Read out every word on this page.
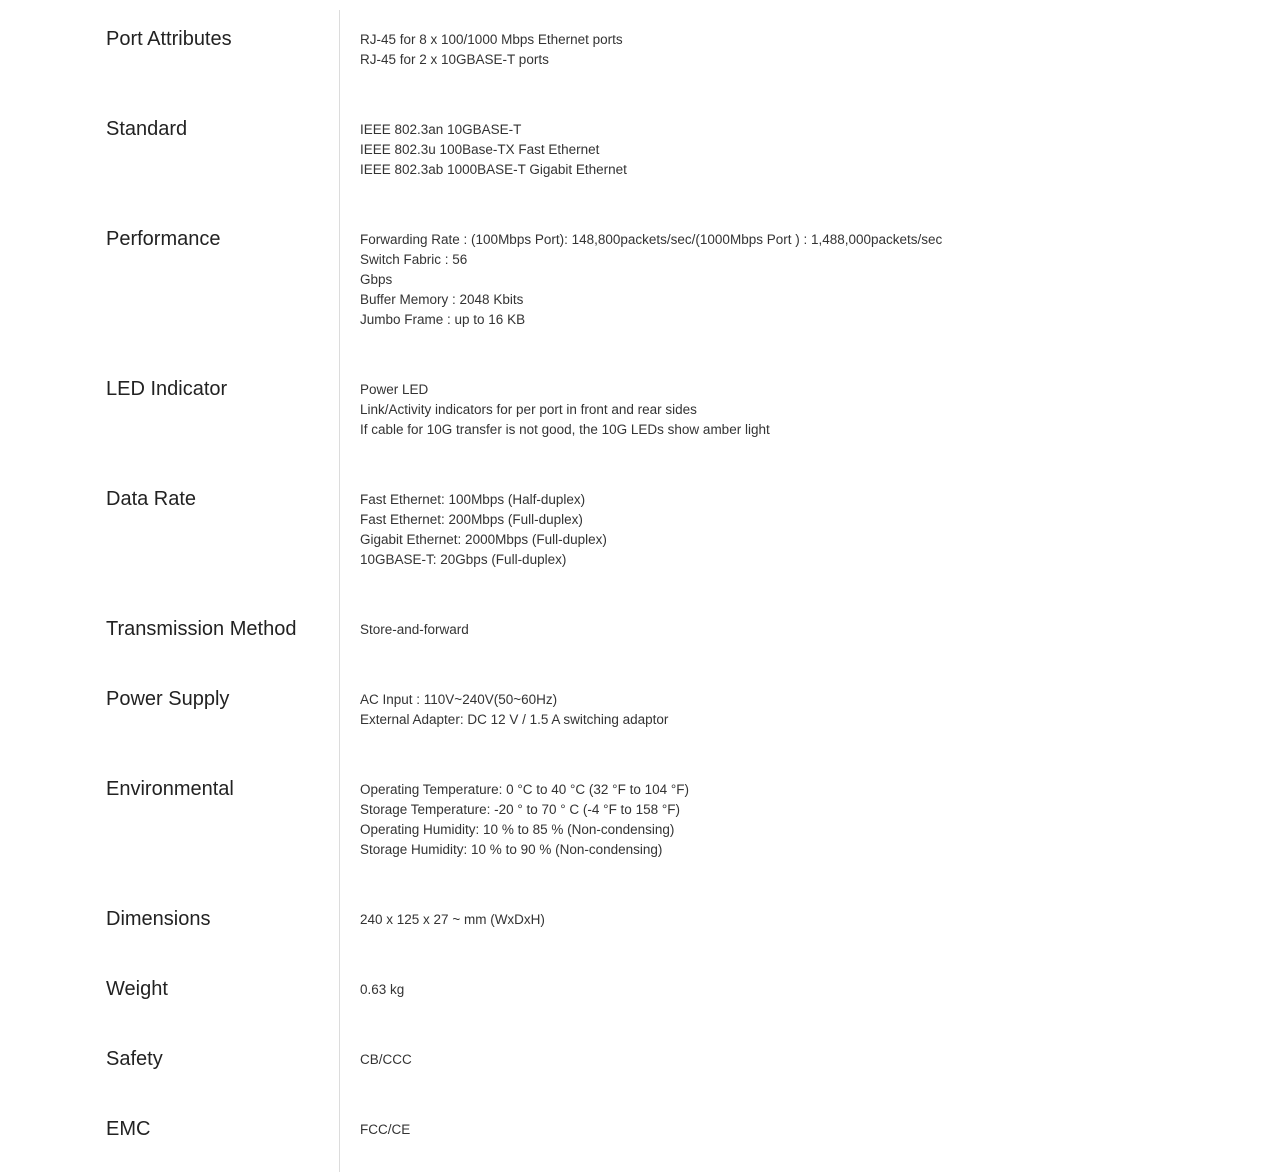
Port Attributes	RJ-45 for 8 x 100/1000 Mbps Ethernet ports
RJ-45 for 2 x 10GBASE-T ports
Standard	IEEE 802.3an 10GBASE-T
IEEE 802.3u 100Base-TX Fast Ethernet
IEEE 802.3ab 1000BASE-T Gigabit Ethernet
Performance	Forwarding Rate : (100Mbps Port): 148,800packets/sec/(1000Mbps Port ) : 1,488,000packets/sec
Switch Fabric : 56
Gbps
Buffer Memory : 2048 Kbits
Jumbo Frame : up to 16 KB
LED Indicator	Power LED
Link/Activity indicators for per port in front and rear sides
If cable for 10G transfer is not good, the 10G LEDs show amber light
Data Rate	Fast Ethernet: 100Mbps (Half-duplex)
Fast Ethernet: 200Mbps (Full-duplex)
Gigabit Ethernet: 2000Mbps (Full-duplex)
10GBASE-T: 20Gbps (Full-duplex)
Transmission Method	Store-and-forward
Power Supply	AC Input : 110V~240V(50~60Hz)
External Adapter: DC 12 V / 1.5 A switching adaptor
Environmental	Operating Temperature: 0 °C to 40 °C (32 °F to 104 °F)
Storage Temperature: -20 ° to 70 ° C (-4 °F to 158 °F)
Operating Humidity: 10 % to 85 % (Non-condensing)
Storage Humidity: 10 % to 90 % (Non-condensing)
Dimensions	240 x 125 x 27 ~ mm (WxDxH)
Weight	0.63 kg
Safety	CB/CCC
EMC	FCC/CE
